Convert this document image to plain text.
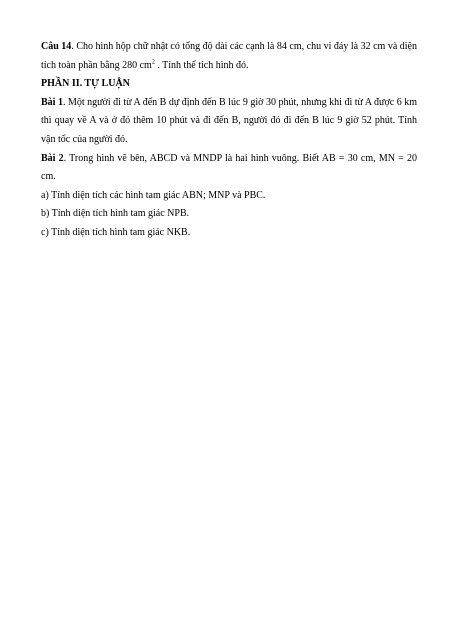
Câu 14. Cho hình hộp chữ nhật có tổng độ dài các cạnh là 84 cm, chu vi đáy là 32 cm và diện tích toàn phần bằng 280 $cm^2$ . Tính thể tích hình đó.

PHẦN II. TỰ LUẬN

Bài 1. Một người đi từ A đến B dự định đến B lúc 9 giờ 30 phút, nhưng khi đi từ A được 6 km thì quay về A và ở đó thêm 10 phút và đi đến B, người đó đi đến B lúc 9 giờ 52 phút. Tính vận tốc của người đó.

Bài 2. Trong hình vẽ bên, ABCD và MNDP là hai hình vuông. Biết AB = 30 cm, MN = 20 cm.

a) Tính diện tích các hình tam giác ABN; MNP và PBC.

b) Tính diện tích hình tam giác NPB.

c) Tính diện tích hình tam giác NKB.
